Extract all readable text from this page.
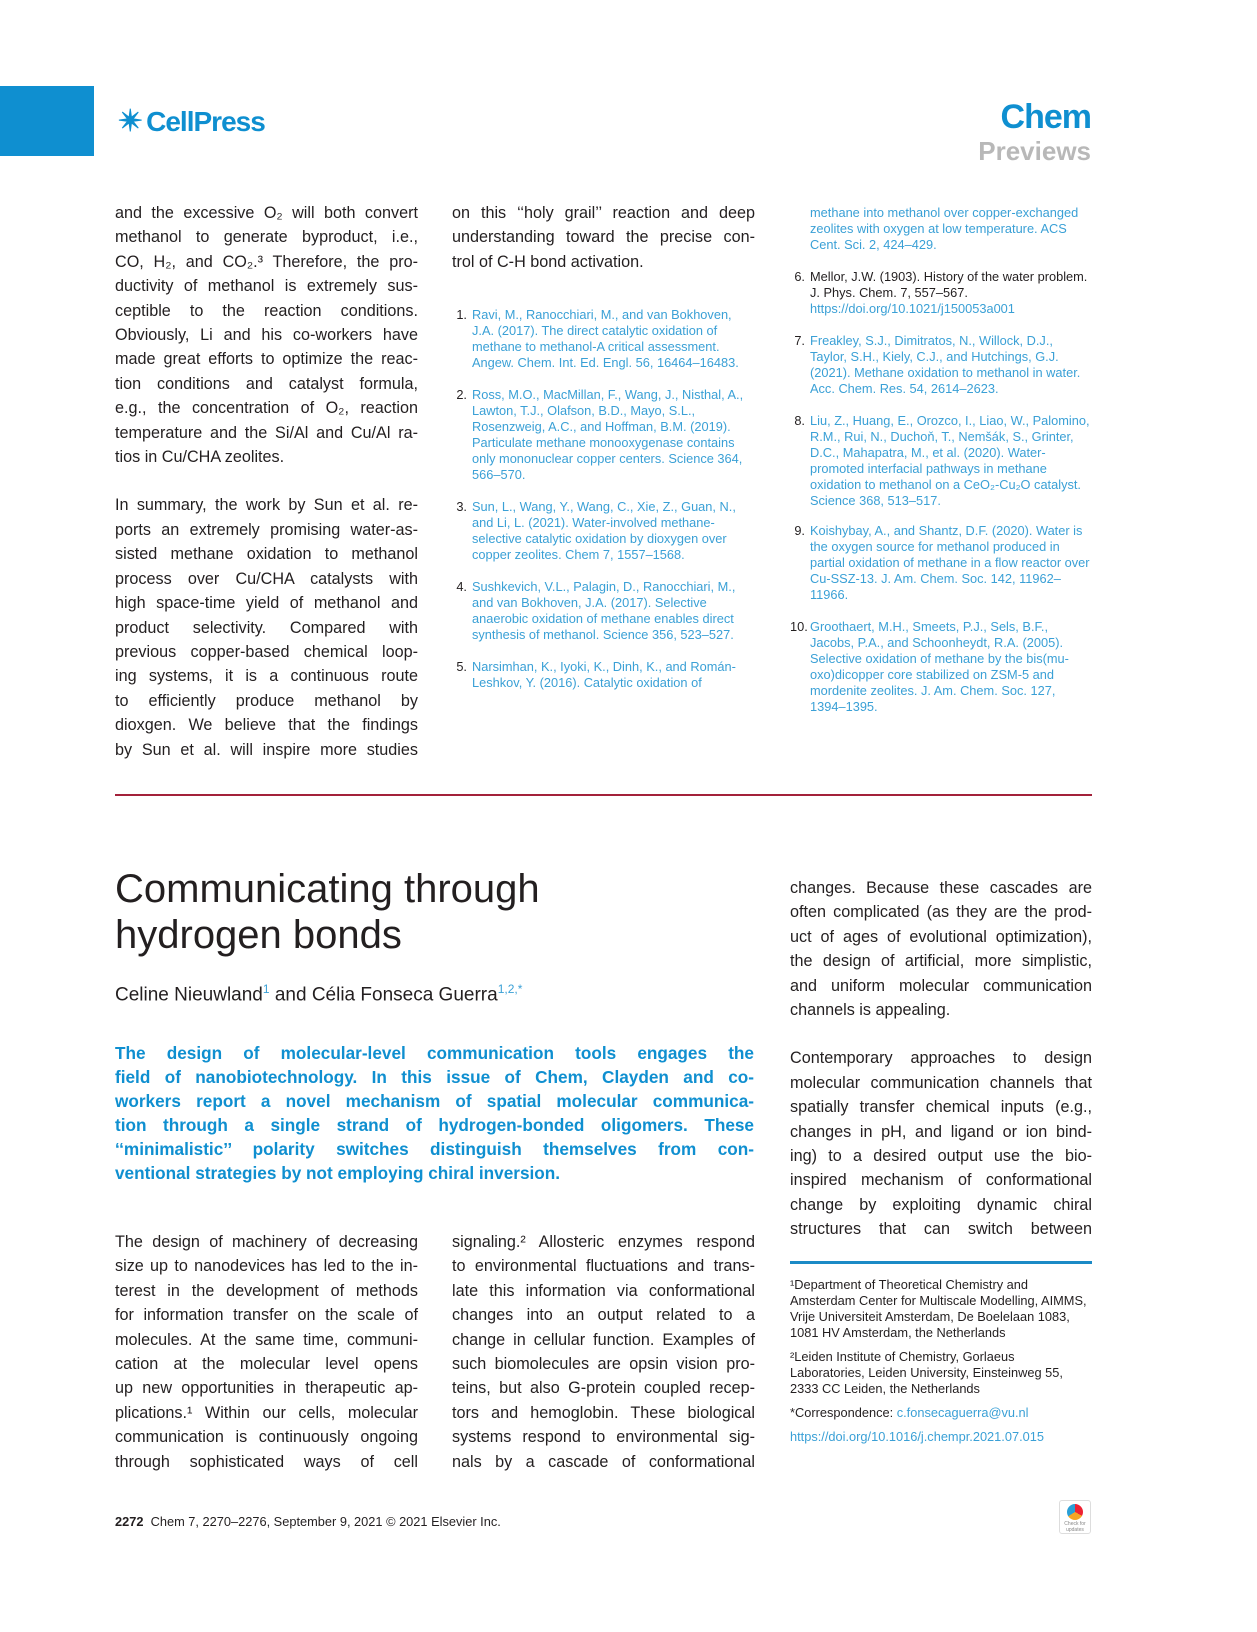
✴ CellPress	Chem
Previews
and the excessive O₂ will both convert
methanol to generate byproduct, i.e.,
CO, H₂, and CO₂.³ Therefore, the pro-
ductivity of methanol is extremely sus-
ceptible to the reaction conditions.
Obviously, Li and his co-workers have
made great efforts to optimize the reac-
tion conditions and catalyst formula,
e.g., the concentration of O₂, reaction
temperature and the Si/Al and Cu/Al ra-
tios in Cu/CHA zeolites.
In summary, the work by Sun et al. re-
ports an extremely promising water-as-
sisted methane oxidation to methanol
process over Cu/CHA catalysts with
high space-time yield of methanol and
product selectivity. Compared with
previous copper-based chemical loop-
ing systems, it is a continuous route
to efficiently produce methanol by
dioxgen. We believe that the findings
by Sun et al. will inspire more studies
on this ‘‘holy grail’’ reaction and deep
understanding toward the precise con-
trol of C-H bond activation.
1. Ravi, M., Ranocchiari, M., and van Bokhoven, J.A. (2017). The direct catalytic oxidation of methane to methanol-A critical assessment. Angew. Chem. Int. Ed. Engl. 56, 16464–16483.
2. Ross, M.O., MacMillan, F., Wang, J., Nisthal, A., Lawton, T.J., Olafson, B.D., Mayo, S.L., Rosenzweig, A.C., and Hoffman, B.M. (2019). Particulate methane monooxygenase contains only mononuclear copper centers. Science 364, 566–570.
3. Sun, L., Wang, Y., Wang, C., Xie, Z., Guan, N., and Li, L. (2021). Water-involved methane-selective catalytic oxidation by dioxygen over copper zeolites. Chem 7, 1557–1568.
4. Sushkevich, V.L., Palagin, D., Ranocchiari, M., and van Bokhoven, J.A. (2017). Selective anaerobic oxidation of methane enables direct synthesis of methanol. Science 356, 523–527.
5. Narsimhan, K., Iyoki, K., Dinh, K., and Román-Leshkov, Y. (2016). Catalytic oxidation of
methane into methanol over copper-exchanged zeolites with oxygen at low temperature. ACS Cent. Sci. 2, 424–429.
6. Mellor, J.W. (1903). History of the water problem. J. Phys. Chem. 7, 557–567. https://doi.org/10.1021/j150053a001
7. Freakley, S.J., Dimitratos, N., Willock, D.J., Taylor, S.H., Kiely, C.J., and Hutchings, G.J. (2021). Methane oxidation to methanol in water. Acc. Chem. Res. 54, 2614–2623.
8. Liu, Z., Huang, E., Orozco, I., Liao, W., Palomino, R.M., Rui, N., Duchoň, T., Nemšák, S., Grinter, D.C., Mahapatra, M., et al. (2020). Water-promoted interfacial pathways in methane oxidation to methanol on a CeO₂-Cu₂O catalyst. Science 368, 513–517.
9. Koishybay, A., and Shantz, D.F. (2020). Water is the oxygen source for methanol produced in partial oxidation of methane in a flow reactor over Cu-SSZ-13. J. Am. Chem. Soc. 142, 11962–11966.
10. Groothaert, M.H., Smeets, P.J., Sels, B.F., Jacobs, P.A., and Schoonheydt, R.A. (2005). Selective oxidation of methane by the bis(mu-oxo)dicopper core stabilized on ZSM-5 and mordenite zeolites. J. Am. Chem. Soc. 127, 1394–1395.
Communicating through
hydrogen bonds
Celine Nieuwland$^1$ and Célia Fonseca Guerra$^{1,2,*}$
The design of molecular-level communication tools engages the
field of nanobiotechnology. In this issue of Chem, Clayden and co-
workers report a novel mechanism of spatial molecular communica-
tion through a single strand of hydrogen-bonded oligomers. These
‘‘minimalistic’’ polarity switches distinguish themselves from con-
ventional strategies by not employing chiral inversion.
The design of machinery of decreasing
size up to nanodevices has led to the in-
terest in the development of methods
for information transfer on the scale of
molecules. At the same time, communi-
cation at the molecular level opens
up new opportunities in therapeutic ap-
plications.¹ Within our cells, molecular
communication is continuously ongoing
through sophisticated ways of cell
signaling.² Allosteric enzymes respond
to environmental fluctuations and trans-
late this information via conformational
changes into an output related to a
change in cellular function. Examples of
such biomolecules are opsin vision pro-
teins, but also G-protein coupled recep-
tors and hemoglobin. These biological
systems respond to environmental sig-
nals by a cascade of conformational
changes. Because these cascades are
often complicated (as they are the prod-
uct of ages of evolutional optimization),
the design of artificial, more simplistic,
and uniform molecular communication
channels is appealing.
Contemporary approaches to design
molecular communication channels that
spatially transfer chemical inputs (e.g.,
changes in pH, and ligand or ion bind-
ing) to a desired output use the bio-
inspired mechanism of conformational
change by exploiting dynamic chiral
structures that can switch between

¹Department of Theoretical Chemistry and Amsterdam Center for Multiscale Modelling, AIMMS, Vrije Universiteit Amsterdam, De Boelelaan 1083, 1081 HV Amsterdam, the Netherlands

²Leiden Institute of Chemistry, Gorlaeus Laboratories, Leiden University, Einsteinweg 55, 2333 CC Leiden, the Netherlands

*Correspondence: c.fonsecaguerra@vu.nl

https://doi.org/10.1016/j.chempr.2021.07.015

2272 Chem 7, 2270–2276, September 9, 2021 © 2021 Elsevier Inc.	Check for updates
